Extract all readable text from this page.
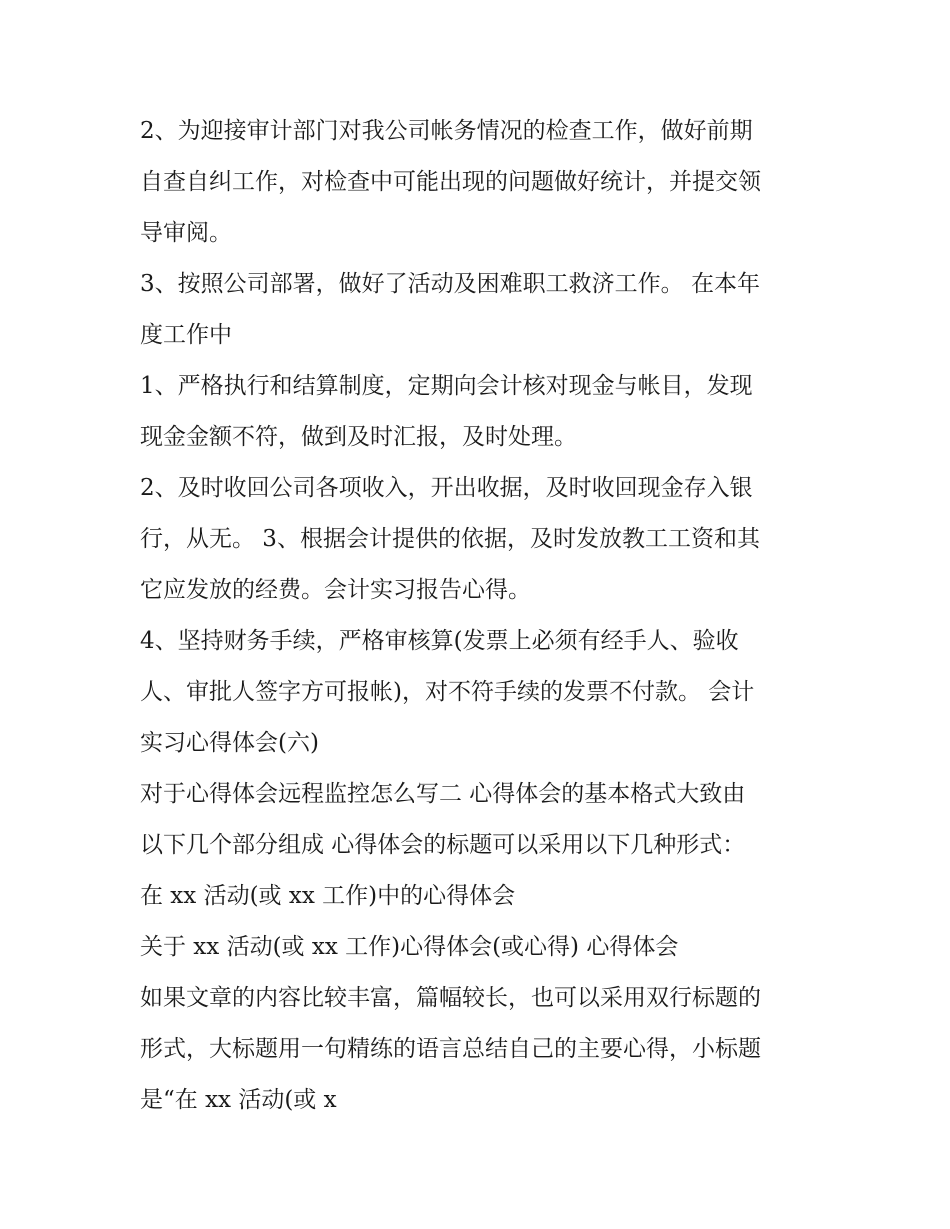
2、为迎接审计部门对我公司帐务情况的检查工作，做好前期
自查自纠工作，对检查中可能出现的问题做好统计，并提交领
导审阅。
3、按照公司部署，做好了活动及困难职工救济工作。 在本年
度工作中
1、严格执行和结算制度，定期向会计核对现金与帐目，发现
现金金额不符，做到及时汇报，及时处理。
2、及时收回公司各项收入，开出收据，及时收回现金存入银
行，从无。 3、根据会计提供的依据，及时发放教工工资和其
它应发放的经费。会计实习报告心得。
4、坚持财务手续，严格审核算(发票上必须有经手人、验收
人、审批人签字方可报帐)，对不符手续的发票不付款。 会计
实习心得体会(六)
对于心得体会远程监控怎么写二 心得体会的基本格式大致由
以下几个部分组成 心得体会的标题可以采用以下几种形式：
在 xx 活动(或 xx 工作)中的心得体会
关于 xx 活动(或 xx 工作)心得体会(或心得) 心得体会
如果文章的内容比较丰富，篇幅较长，也可以采用双行标题的
形式，大标题用一句精练的语言总结自己的主要心得，小标题
是“在 xx 活动(或 x
